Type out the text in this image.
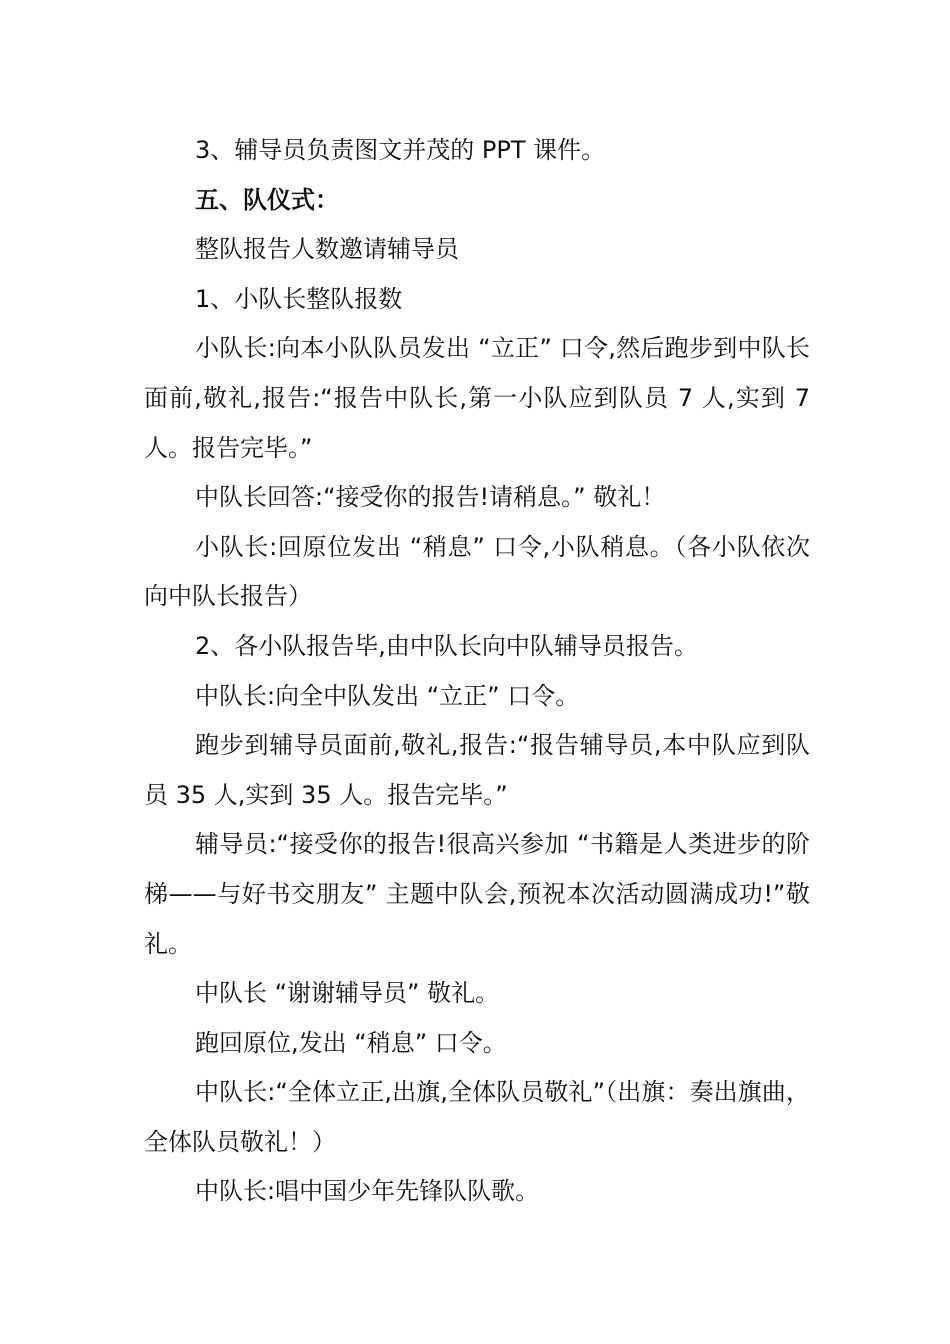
3、辅导员负责图文并茂的 PPT 课件。

五、队仪式：

整队报告人数邀请辅导员

1、小队长整队报数

小队长:向本小队队员发出 “立正” 口令,然后跑步到中队长面前,敬礼,报告:“报告中队长,第一小队应到队员 7 人,实到 7 人。报告完毕。”

中队长回答:“接受你的报告!请稍息。” 敬礼！

小队长:回原位发出 “稍息” 口令,小队稍息。（各小队依次向中队长报告）

2、各小队报告毕,由中队长向中队辅导员报告。

中队长:向全中队发出 “立正” 口令。

跑步到辅导员面前,敬礼,报告:“报告辅导员,本中队应到队员 35 人,实到 35 人。报告完毕。”

辅导员:“接受你的报告!很高兴参加 “书籍是人类进步的阶梯——与好书交朋友” 主题中队会,预祝本次活动圆满成功!”敬礼。

中队长 “谢谢辅导员” 敬礼。

跑回原位,发出 “稍息” 口令。

中队长:“全体立正,出旗,全体队员敬礼”（出旗：奏出旗曲，全体队员敬礼！）

中队长:唱中国少年先锋队队歌。
